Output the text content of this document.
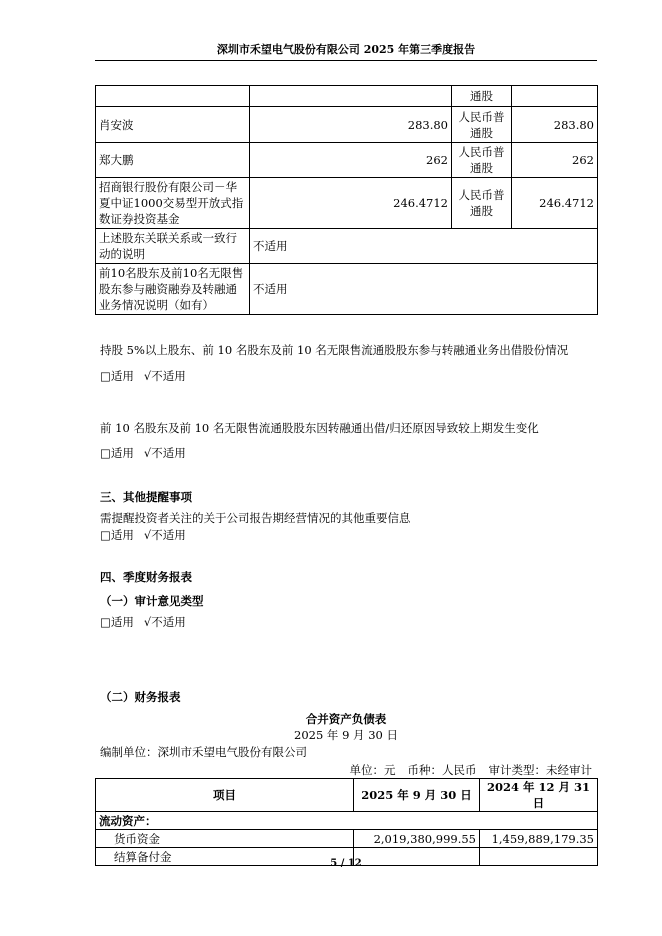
深圳市禾望电气股份有限公司 2025 年第三季度报告
		通股	
肖安波	283.80	人民币普通股	283.80
郑大鹏	262	人民币普通股	262
招商银行股份有限公司－华夏中证1000交易型开放式指数证券投资基金	246.4712	人民币普通股	246.4712
上述股东关联关系或一致行动的说明	不适用		
前10名股东及前10名无限售股东参与融资融券及转融通业务情况说明（如有）	不适用		
持股 5%以上股东、前 10 名股东及前 10 名无限售流通股股东参与转融通业务出借股份情况
□适用 √不适用
前 10 名股东及前 10 名无限售流通股股东因转融通出借/归还原因导致较上期发生变化
□适用 √不适用
三、其他提醒事项
需提醒投资者关注的关于公司报告期经营情况的其他重要信息
□适用 √不适用
四、季度财务报表
（一）审计意见类型
□适用 √不适用
（二）财务报表
合并资产负债表
2025 年 9 月 30 日
编制单位：深圳市禾望电气股份有限公司
单位：元 币种：人民币 审计类型：未经审计
项目	2025 年 9 月 30 日	2024 年 12 月 31 日
流动资产：		
货币资金	2,019,380,999.55	1,459,889,179.35
结算备付金			5 / 12
